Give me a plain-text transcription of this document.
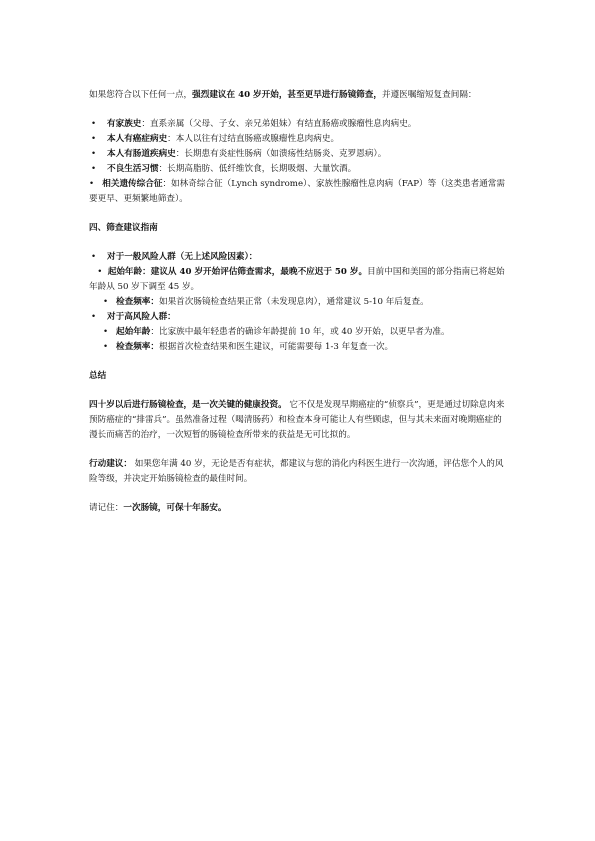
如果您符合以下任何一点，强烈建议在 40 岁开始，甚至更早进行肠镜筛查，并遵医嘱缩短复查间隔：

• 有家族史：直系亲属（父母、子女、亲兄弟姐妹）有结直肠癌或腺瘤性息肉病史。
• 本人有癌症病史：本人以往有过结直肠癌或腺瘤性息肉病史。
• 本人有肠道疾病史：长期患有炎症性肠病（如溃疡性结肠炎、克罗恩病）。
• 不良生活习惯：长期高脂肪、低纤维饮食，长期吸烟、大量饮酒。
•   相关遗传综合征：如林奇综合征（Lynch syndrome）、家族性腺瘤性息肉病（FAP）等（这类患者通常需要更早、更频繁地筛查）。

四、筛查建议指南

• 对于一般风险人群（无上述风险因素）：
•  起始年龄：建议从 40 岁开始评估筛查需求，最晚不应迟于 50 岁。目前中国和美国的部分指南已将起始年龄从 50 岁下调至 45 岁。
• 检查频率：如果首次肠镜检查结果正常（未发现息肉），通常建议 5-10 年后复查。
• 对于高风险人群：
• 起始年龄：比家族中最年轻患者的确诊年龄提前 10 年，或 40 岁开始，以更早者为准。
• 检查频率：根据首次检查结果和医生建议，可能需要每 1-3 年复查一次。

总结

四十岁以后进行肠镜检查，是一次关键的健康投资。 它不仅是发现早期癌症的“侦察兵”，更是通过切除息肉来预防癌症的“排雷兵”。虽然准备过程（喝清肠药）和检查本身可能让人有些顾虑，但与其未来面对晚期癌症的漫长而痛苦的治疗，一次短暂的肠镜检查所带来的获益是无可比拟的。

行动建议： 如果您年满 40 岁，无论是否有症状，都建议与您的消化内科医生进行一次沟通，评估您个人的风险等级，并决定开始肠镜检查的最佳时间。

请记住：一次肠镜，可保十年肠安。
